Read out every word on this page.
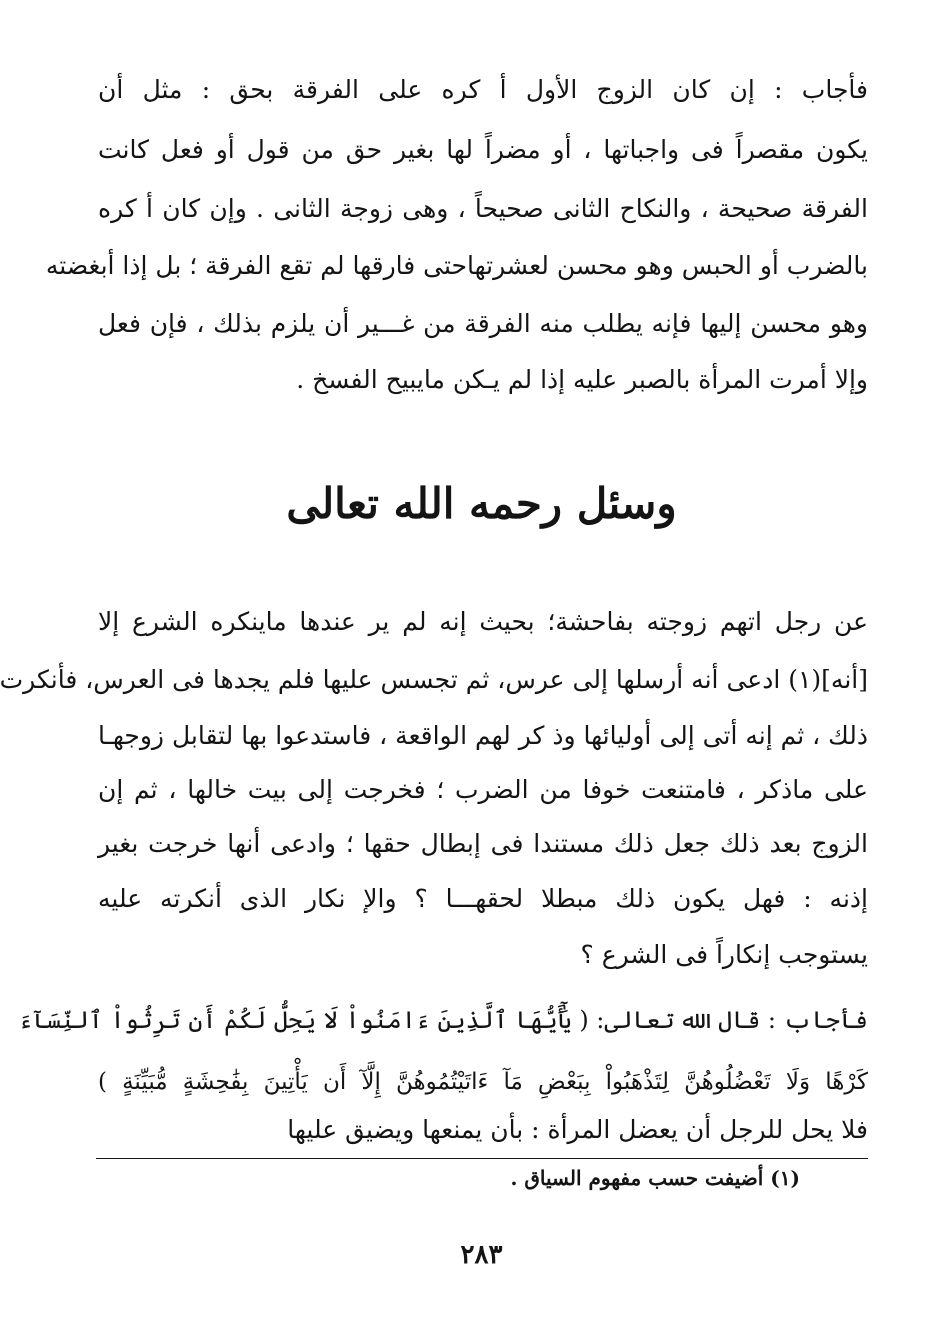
فأجاب : إن كان الزوج الأول أ كره على الفرقة بحق : مثل أن
يكون مقصراً فى واجباتها ، أو مضراً لها بغير حق من قول أو فعل كانت
الفرقة صحيحة ، والنكاح الثانى صحيحاً ، وهى زوجة الثانى . وإن كان أ كره
بالضرب أو الحبس وهو محسن لعشرتهاحتى فارقها لم تقع الفرقة ؛ بل إذا أبغضته
وهو محسن إليها فإنه يطلب منه الفرقة من غـــير أن يلزم بذلك ، فإن فعل
وإلا أمرت المرأة بالصبر عليه إذا لم يـكن مايبيح الفسخ .
وسئل رحمه الله تعالى
عن رجل اتهم زوجته بفاحشة؛ بحيث إنه لم ير عندها ماينكره الشرع إلا
[أنه](١) ادعى أنه أرسلها إلى عرس، ثم تجسس عليها فلم يجدها فى العرس، فأنكرت
ذلك ، ثم إنه أتى إلى أوليائها وذ كر لهم الواقعة ، فاستدعوا بها لتقابل زوجهـا
على ماذكر ، فامتنعت خوفا من الضرب ؛ فخرجت إلى بيت خالها ، ثم إن
الزوج بعد ذلك جعل ذلك مستندا فى إبطال حقها ؛ وادعى أنها خرجت بغير
إذنه : فهل يكون ذلك مبطلا لحقهـــا ؟ والإ نكار الذى أنكرته عليه
يستوجب إنكاراً فى الشرع ؟
فأجاب : قال الله تعالى: ( يَٰٓأَيُّهَا ٱلَّذِينَ ءَامَنُواْ لَا يَحِلُّ لَكُمْ أَن تَرِثُواْ ٱلنِّسَآءَ
كَرْهًا وَلَا تَعْضُلُوهُنَّ لِتَذْهَبُواْ بِبَعْضِ مَآ ءَاتَيْتُمُوهُنَّ إِلَّآ أَن يَأْتِينَ بِفَٰحِشَةٍ مُّبَيِّنَةٍ )
فلا يحل للرجل أن يعضل المرأة : بأن يمنعها ويضيق عليها
(١) أضيفت حسب مفهوم السياق .
٢٨٣
